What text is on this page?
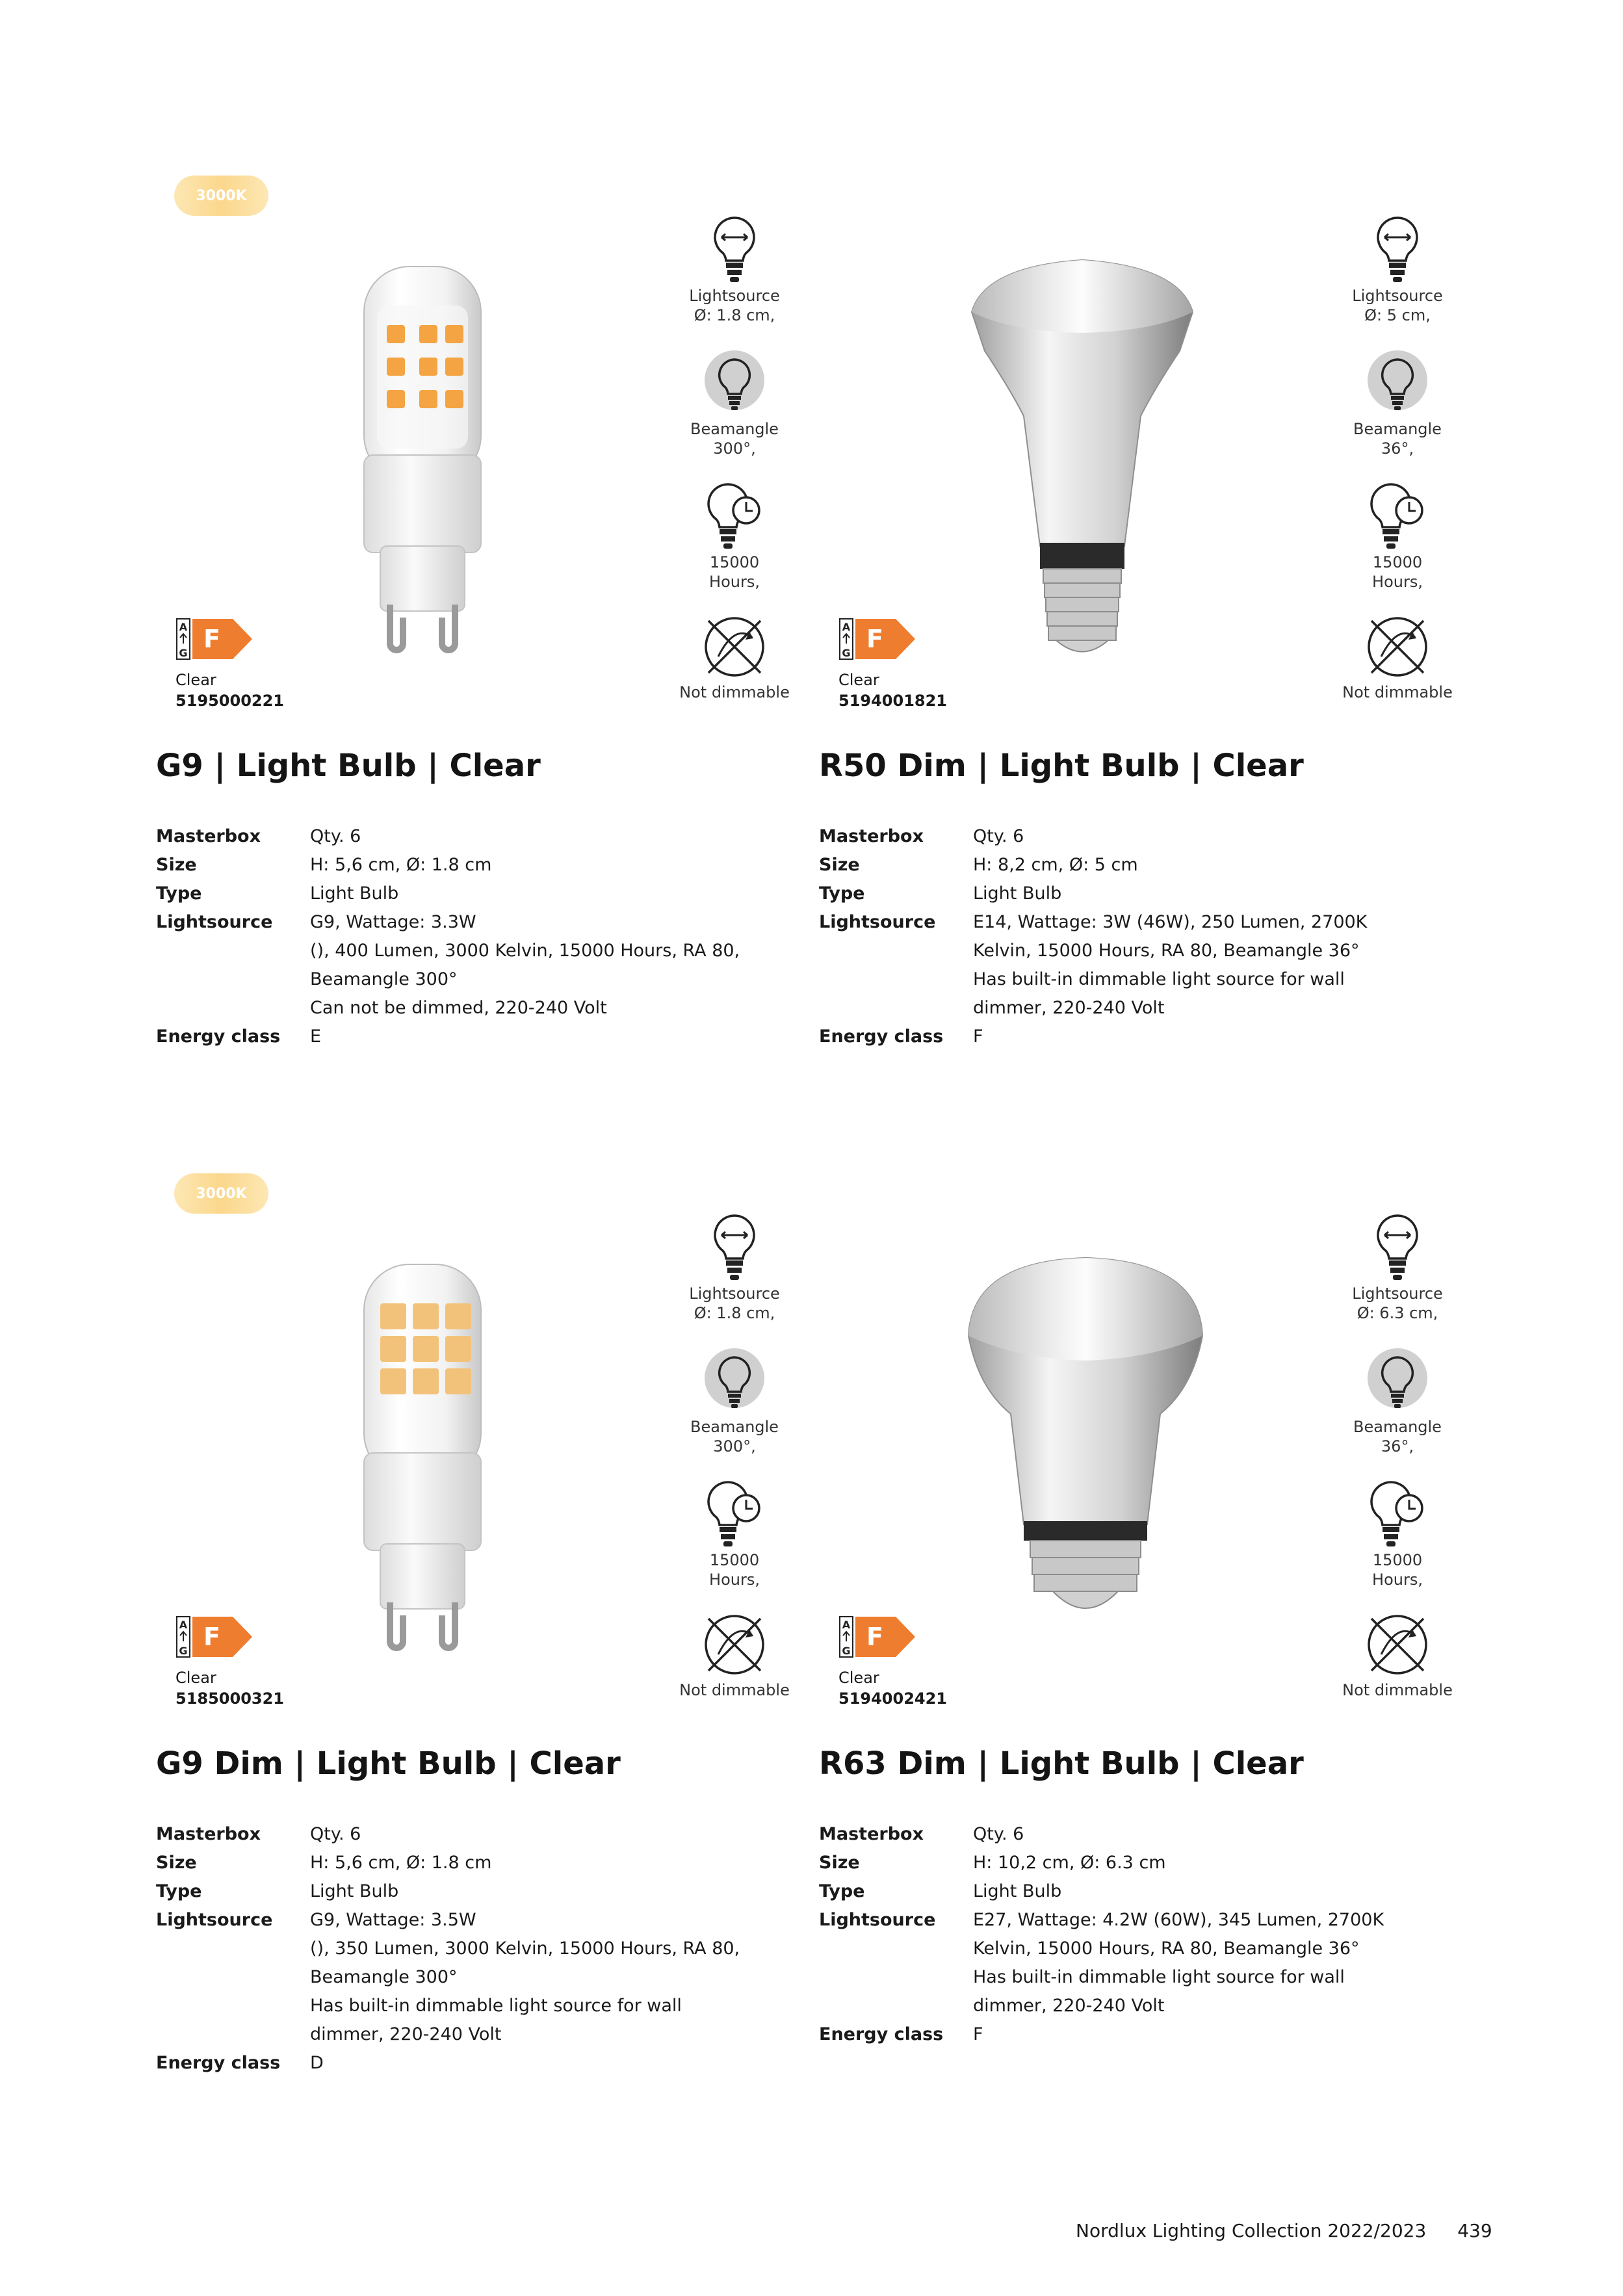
3000K
Lightsource
Ø: 1.8 cm,
Beamangle
300°,
15000
Hours,
Not dimmable
A
G F
Clear
5195000221
G9 | Light Bulb | Clear
Masterbox	Qty. 6
Size	H: 5,6 cm, Ø: 1.8 cm
Type	Light Bulb
Lightsource	G9, Wattage: 3.3W
(), 400 Lumen, 3000 Kelvin, 15000 Hours, RA 80,
Beamangle 300°
Can not be dimmed, 220-240 Volt
Energy class	E
Lightsource
Ø: 5 cm,
Beamangle
36°,
15000
Hours,
Not dimmable
A
G F
Clear
5194001821
R50 Dim | Light Bulb | Clear
Masterbox	Qty. 6
Size	H: 8,2 cm, Ø: 5 cm
Type	Light Bulb
Lightsource	E14, Wattage: 3W (46W), 250 Lumen, 2700K
Kelvin, 15000 Hours, RA 80, Beamangle 36°
Has built-in dimmable light source for wall
dimmer, 220-240 Volt
Energy class	F
3000K
Lightsource
Ø: 1.8 cm,
Beamangle
300°,
15000
Hours,
Not dimmable
A
G F
Clear
5185000321
G9 Dim | Light Bulb | Clear
Masterbox	Qty. 6
Size	H: 5,6 cm, Ø: 1.8 cm
Type	Light Bulb
Lightsource	G9, Wattage: 3.5W
(), 350 Lumen, 3000 Kelvin, 15000 Hours, RA 80,
Beamangle 300°
Has built-in dimmable light source for wall
dimmer, 220-240 Volt
Energy class	D
Lightsource
Ø: 6.3 cm,
Beamangle
36°,
15000
Hours,
Not dimmable
A
G F
Clear
5194002421
R63 Dim | Light Bulb | Clear
Masterbox	Qty. 6
Size	H: 10,2 cm, Ø: 6.3 cm
Type	Light Bulb
Lightsource	E27, Wattage: 4.2W (60W), 345 Lumen, 2700K
Kelvin, 15000 Hours, RA 80, Beamangle 36°
Has built-in dimmable light source for wall
dimmer, 220-240 Volt
Energy class	F
Nordlux Lighting Collection 2022/2023 439
